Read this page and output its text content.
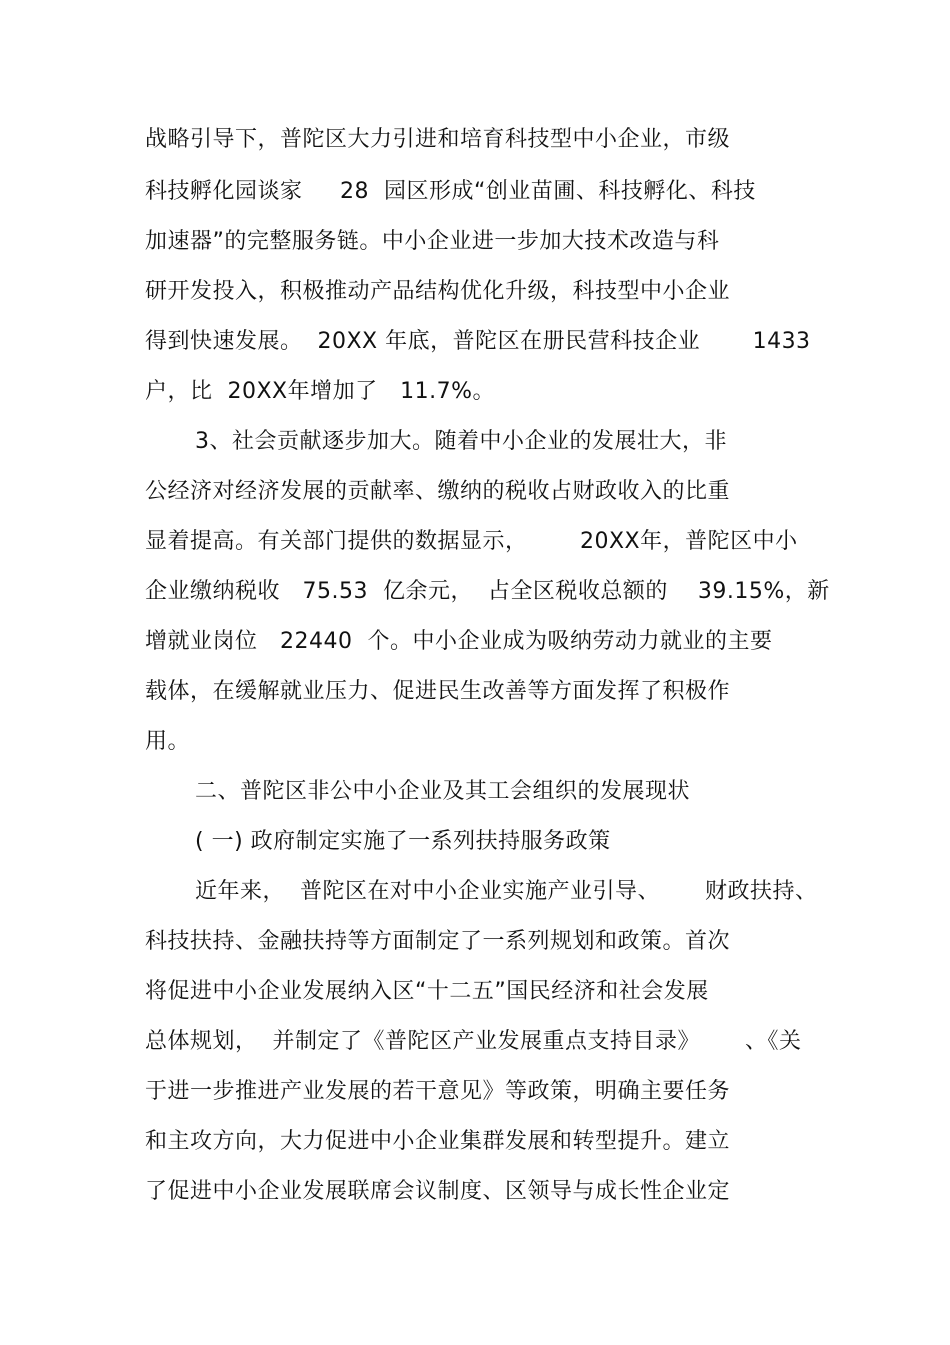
战略引导下，普陀区大力引进和培育科技型中小企业，市级
科技孵化园谈家     28  园区形成“创业苗圃、科技孵化、科技
加速器”的完整服务链。中小企业进一步加大技术改造与科
研开发投入，积极推动产品结构优化升级，科技型中小企业
得到快速发展。  20XX 年底，普陀区在册民营科技企业       1433
户，比  20XX年增加了   11.7%。
3、社会贡献逐步加大。随着中小企业的发展壮大，非
公经济对经济发展的贡献率、缴纳的税收占财政收入的比重
显着提高。有关部门提供的数据显示，       20XX年，普陀区中小
企业缴纳税收   75.53  亿余元，  占全区税收总额的    39.15%，新
增就业岗位   22440  个。中小企业成为吸纳劳动力就业的主要
载体，在缓解就业压力、促进民生改善等方面发挥了积极作
用。
二、普陀区非公中小企业及其工会组织的发展现状
( 一) 政府制定实施了一系列扶持服务政策
近年来，  普陀区在对中小企业实施产业引导、      财政扶持、
科技扶持、金融扶持等方面制定了一系列规划和政策。首次
将促进中小企业发展纳入区“十二五”国民经济和社会发展
总体规划，  并制定了《普陀区产业发展重点支持目录》      、《关
于进一步推进产业发展的若干意见》等政策，明确主要任务
和主攻方向，大力促进中小企业集群发展和转型提升。建立
了促进中小企业发展联席会议制度、区领导与成长性企业定
